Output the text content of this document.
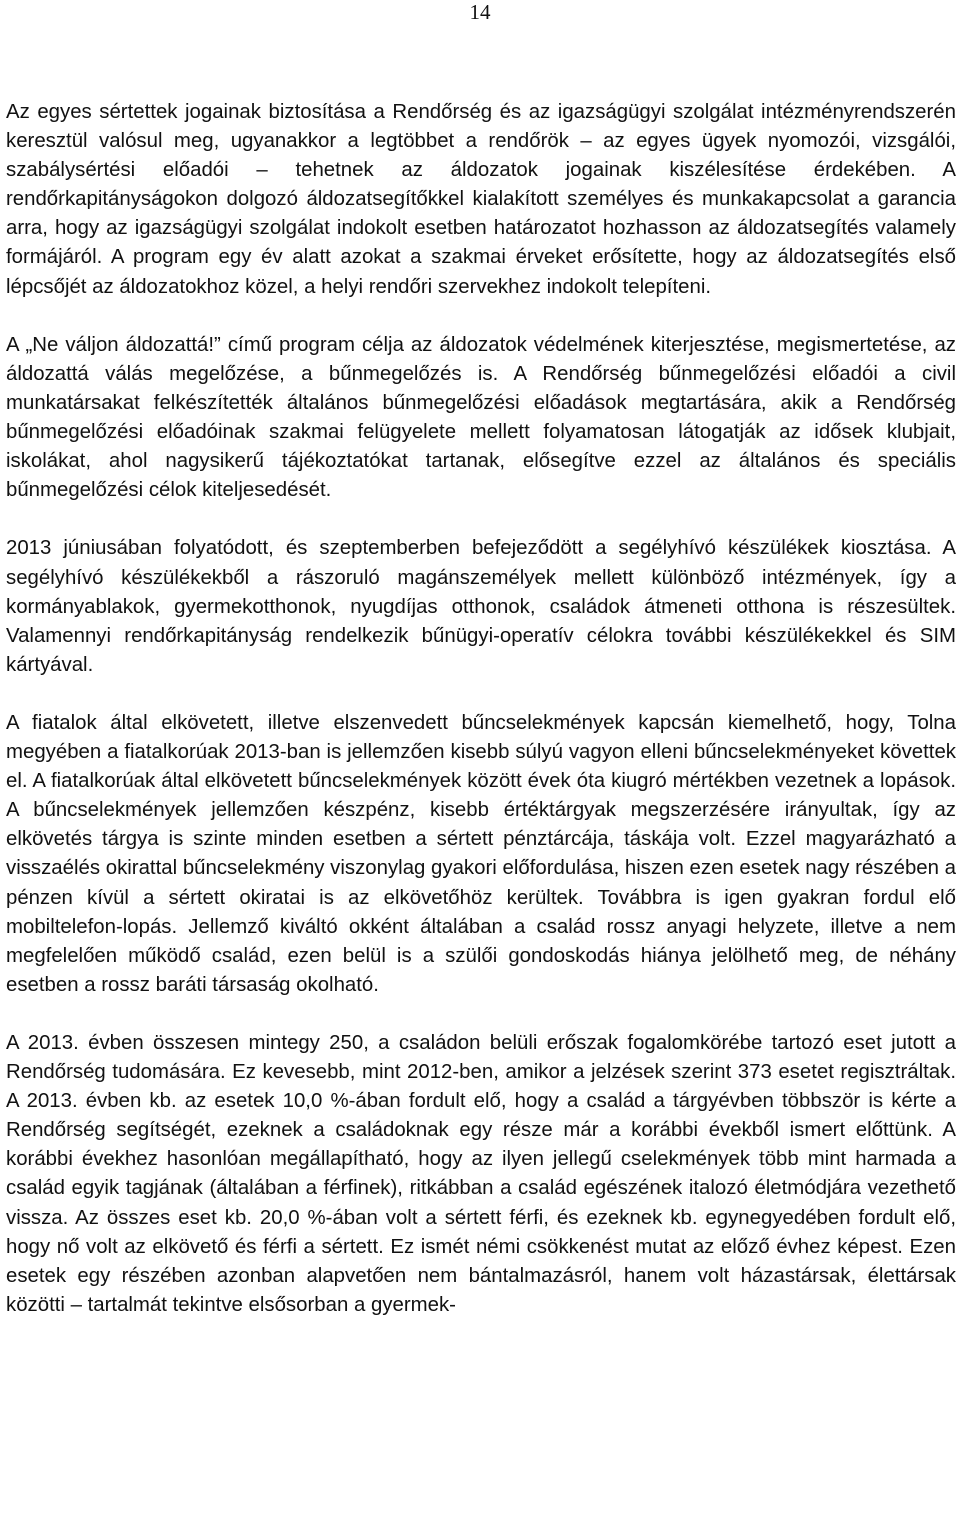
14

Az egyes sértettek jogainak biztosítása a Rendőrség és az igazságügyi szolgálat intézményrendszerén keresztül valósul meg, ugyanakkor a legtöbbet a rendőrök – az egyes ügyek nyomozói, vizsgálói, szabálysértési előadói – tehetnek az áldozatok jogainak kiszélesítése érdekében. A rendőrkapitányságokon dolgozó áldozatsegítőkkel kialakított személyes és munkakapcsolat a garancia arra, hogy az igazságügyi szolgálat indokolt esetben határozatot hozhasson az áldozatsegítés valamely formájáról. A program egy év alatt azokat a szakmai érveket erősítette, hogy az áldozatsegítés első lépcsőjét az áldozatokhoz közel, a helyi rendőri szervekhez indokolt telepíteni.

A „Ne váljon áldozattá!” című program célja az áldozatok védelmének kiterjesztése, megismertetése, az áldozattá válás megelőzése, a bűnmegelőzés is. A Rendőrség bűnmegelőzési előadói a civil munkatársakat felkészítették általános bűnmegelőzési előadások megtartására, akik a Rendőrség bűnmegelőzési előadóinak szakmai felügyelete mellett folyamatosan látogatják az idősek klubjait, iskolákat, ahol nagysikerű tájékoztatókat tartanak, elősegítve ezzel az általános és speciális bűnmegelőzési célok kiteljesedését.

2013 júniusában folyatódott, és szeptemberben befejeződött a segélyhívó készülékek kiosztása. A segélyhívó készülékekből a rászoruló magánszemélyek mellett különböző intézmények, így a kormányablakok, gyermekotthonok, nyugdíjas otthonok, családok átmeneti otthona is részesültek. Valamennyi rendőrkapitányság rendelkezik bűnügyi-operatív célokra további készülékekkel és SIM kártyával.

A fiatalok által elkövetett, illetve elszenvedett bűncselekmények kapcsán kiemelhető, hogy, Tolna megyében a fiatalkorúak 2013-ban is jellemzően kisebb súlyú vagyon elleni bűncselekményeket követtek el. A fiatalkorúak által elkövetett bűncselekmények között évek óta kiugró mértékben vezetnek a lopások. A bűncselekmények jellemzően készpénz, kisebb értéktárgyak megszerzésére irányultak, így az elkövetés tárgya is szinte minden esetben a sértett pénztárcája, táskája volt. Ezzel magyarázható a visszaélés okirattal bűncselekmény viszonylag gyakori előfordulása, hiszen ezen esetek nagy részében a pénzen kívül a sértett okiratai is az elkövetőhöz kerültek. Továbbra is igen gyakran fordul elő mobiltelefon-lopás. Jellemző kiváltó okként általában a család rossz anyagi helyzete, illetve a nem megfelelően működő család, ezen belül is a szülői gondoskodás hiánya jelölhető meg, de néhány esetben a rossz baráti társaság okolható.

A 2013. évben összesen mintegy 250, a családon belüli erőszak fogalomkörébe tartozó eset jutott a Rendőrség tudomására. Ez kevesebb, mint 2012-ben, amikor a jelzések szerint 373 esetet regisztráltak. A 2013. évben kb. az esetek 10,0 %-ában fordult elő, hogy a család a tárgyévben többször is kérte a Rendőrség segítségét, ezeknek a családoknak egy része már a korábbi évekből ismert előttünk. A korábbi évekhez hasonlóan megállapítható, hogy az ilyen jellegű cselekmények több mint harmada a család egyik tagjának (általában a férfinek), ritkábban a család egészének italozó életmódjára vezethető vissza. Az összes eset kb. 20,0 %-ában volt a sértett férfi, és ezeknek kb. egynegyedében fordult elő, hogy nő volt az elkövető és férfi a sértett. Ez ismét némi csökkenést mutat az előző évhez képest. Ezen esetek egy részében azonban alapvetően nem bántalmazásról, hanem volt házastársak, élettársak közötti – tartalmát tekintve elsősorban a gyermek-
